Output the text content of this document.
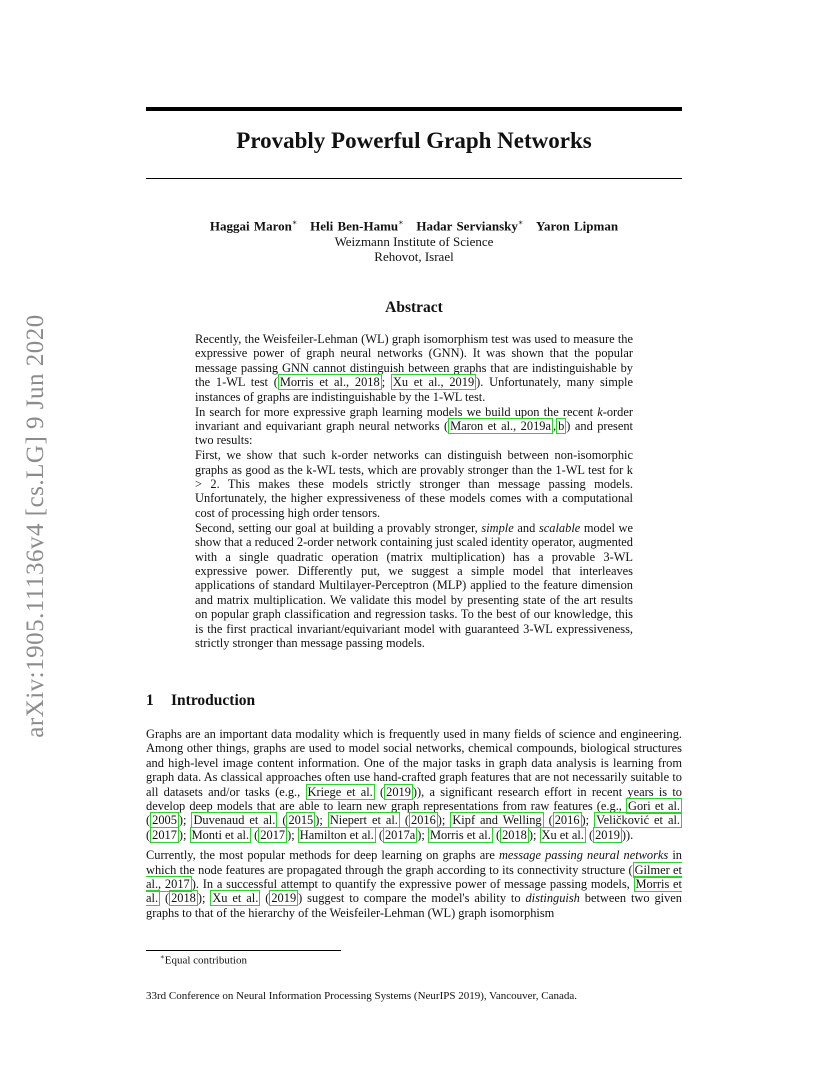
arXiv:1905.11136v4 [cs.LG] 9 Jun 2020
Provably Powerful Graph Networks
Haggai Maron∗ Heli Ben-Hamu∗ Hadar Serviansky∗ Yaron Lipman
Weizmann Institute of Science
Rehovot, Israel
Abstract

Recently, the Weisfeiler-Lehman (WL) graph isomorphism test was used to measure the expressive power of graph neural networks (GNN). It was shown that the popular message passing GNN cannot distinguish between graphs that are indistinguishable by the 1-WL test ( Morris et al., 2018 ; Xu et al., 2019 ). Unfortunately, many simple instances of graphs are indistinguishable by the 1-WL test.

In search for more expressive graph learning models we build upon the recent k-order invariant and equivariant graph neural networks ( Maron et al., 2019a , b ) and present two results:

First, we show that such k-order networks can distinguish between non-isomorphic graphs as good as the k-WL tests, which are provably stronger than the 1-WL test for k > 2. This makes these models strictly stronger than message passing models. Unfortunately, the higher expressiveness of these models comes with a computational cost of processing high order tensors.

Second, setting our goal at building a provably stronger, simple and scalable model we show that a reduced 2-order network containing just scaled identity operator, augmented with a single quadratic operation (matrix multiplication) has a provable 3-WL expressive power. Differently put, we suggest a simple model that interleaves applications of standard Multilayer-Perceptron (MLP) applied to the feature dimension and matrix multiplication. We validate this model by presenting state of the art results on popular graph classification and regression tasks. To the best of our knowledge, this is the first practical invariant/equivariant model with guaranteed 3-WL expressiveness, strictly stronger than message passing models.

1 Introduction

Graphs are an important data modality which is frequently used in many fields of science and engineering. Among other things, graphs are used to model social networks, chemical compounds, biological structures and high-level image content information. One of the major tasks in graph data analysis is learning from graph data. As classical approaches often use hand-crafted graph features that are not necessarily suitable to all datasets and/or tasks (e.g., Kriege et al. ( 2019 )), a significant research effort in recent years is to develop deep models that are able to learn new graph representations from raw features (e.g., Gori et al. ( 2005 ); Duvenaud et al. ( 2015 ); Niepert et al. ( 2016 ); Kipf and Welling ( 2016 ); Veličković et al. ( 2017 ); Monti et al. ( 2017 ); Hamilton et al. ( 2017a ); Morris et al. ( 2018 ); Xu et al. ( 2019 )).

Currently, the most popular methods for deep learning on graphs are message passing neural networks in which the node features are propagated through the graph according to its connectivity structure ( Gilmer et al., 2017 ). In a successful attempt to quantify the expressive power of message passing models, Morris et al. ( 2018 ); Xu et al. ( 2019 ) suggest to compare the model's ability to distinguish between two given graphs to that of the hierarchy of the Weisfeiler-Lehman (WL) graph isomorphism

∗Equal contribution
33rd Conference on Neural Information Processing Systems (NeurIPS 2019), Vancouver, Canada.
